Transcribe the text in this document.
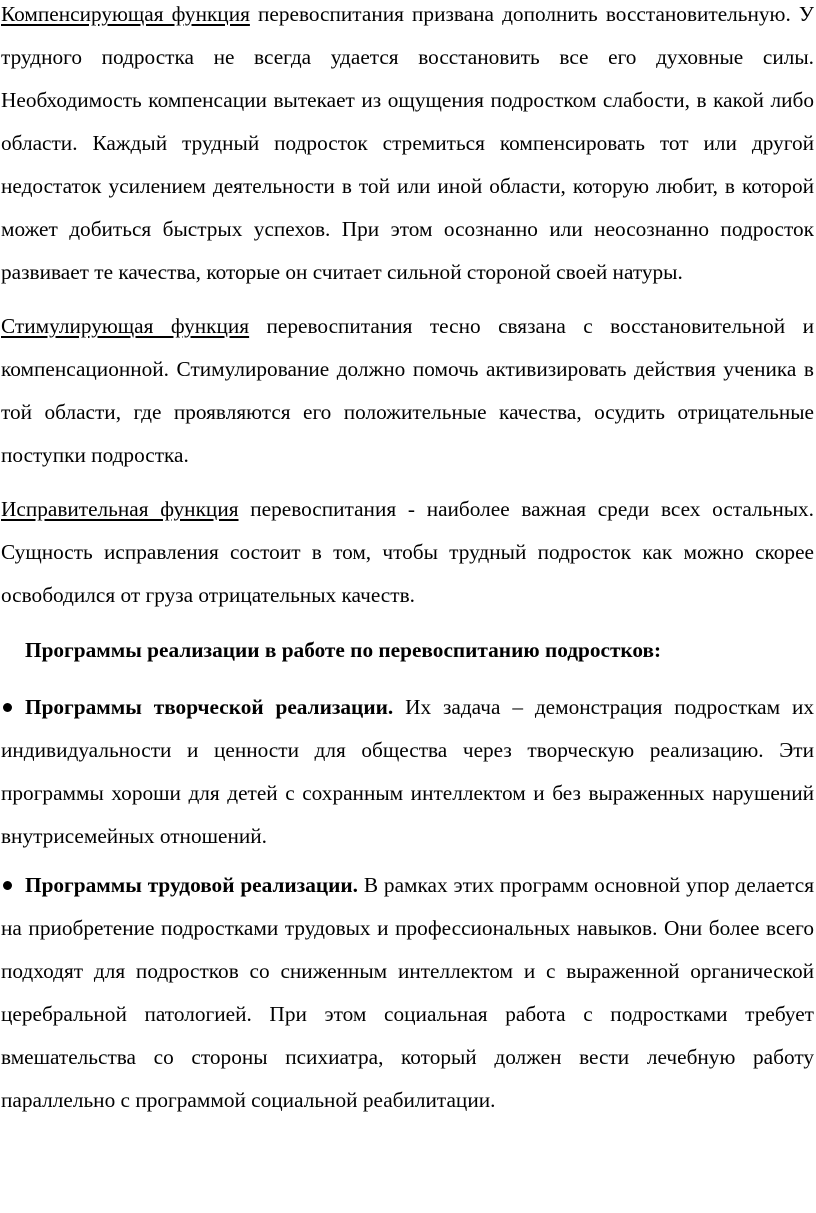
Компенсирующая функция перевоспитания призвана дополнить восстановительную. У трудного подростка не всегда удается восстановить все его духовные силы. Необходимость компенсации вытекает из ощущения подростком слабости, в какой либо области. Каждый трудный подросток стремиться компенсировать тот или другой недостаток усилением деятельности в той или иной области, которую любит, в которой может добиться быстрых успехов. При этом осознанно или неосознанно подросток развивает те качества, которые он считает сильной стороной своей натуры.

Стимулирующая функция перевоспитания тесно связана с восстановительной и компенсационной. Стимулирование должно помочь активизировать действия ученика в той области, где проявляются его положительные качества, осудить отрицательные поступки подростка.

Исправительная функция перевоспитания - наиболее важная среди всех остальных. Сущность исправления состоит в том, чтобы трудный подросток как можно скорее освободился от груза отрицательных качеств.

Программы реализации в работе по перевоспитанию подростков:

Программы творческой реализации. Их задача – демонстрация подросткам их индивидуальности и ценности для общества через творческую реализацию. Эти программы хороши для детей с сохранным интеллектом и без выраженных нарушений внутрисемейных отношений.

Программы трудовой реализации. В рамках этих программ основной упор делается на приобретение подростками трудовых и профессиональных навыков. Они более всего подходят для подростков со сниженным интеллектом и с выраженной органической церебральной патологией. При этом социальная работа с подростками требует вмешательства со стороны психиатра, который должен вести лечебную работу параллельно с программой социальной реабилитации.
